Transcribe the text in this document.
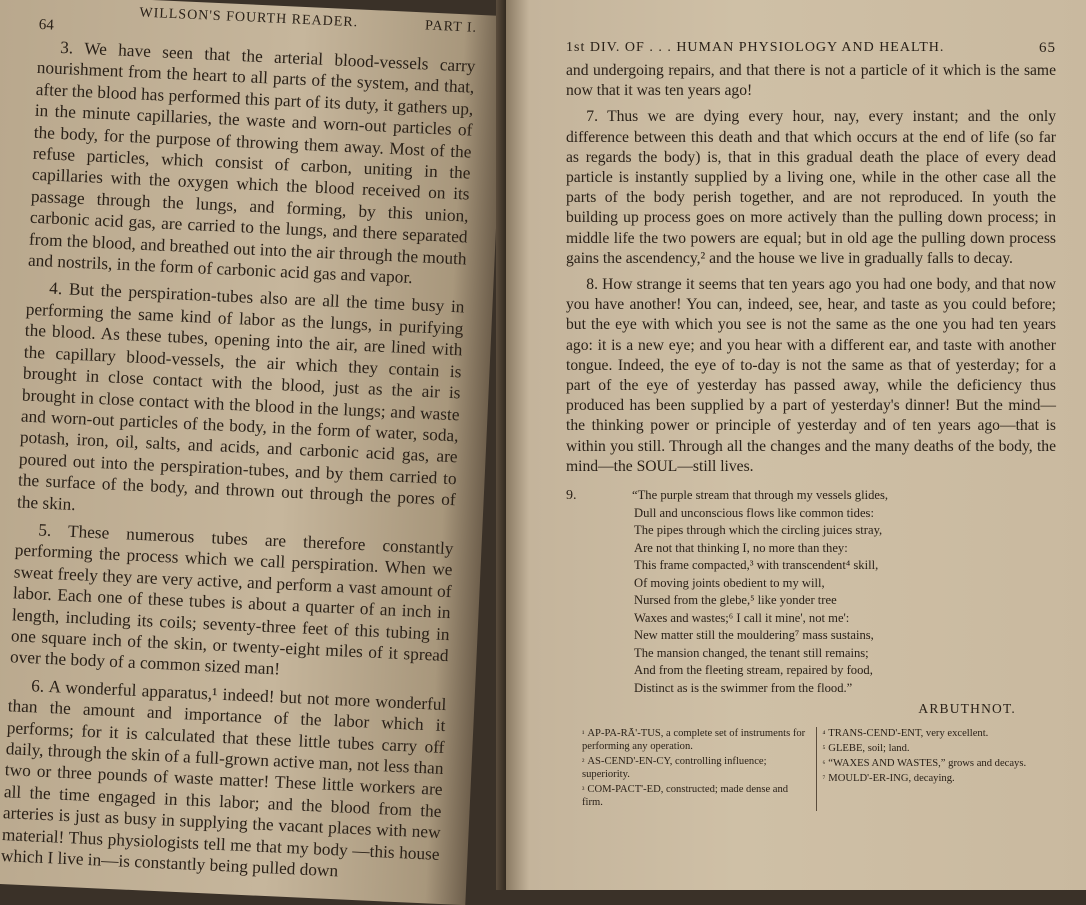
WILLSON'S FOURTH READER.	PART I.
64
3. We have seen that the arterial blood-vessels carry nourishment from the heart to all parts of the system, and that, after the blood has performed this part of its duty, it gathers up, in the minute capillaries, the waste and worn-out particles of the body, for the purpose of throwing them away. Most of the refuse particles, which consist of carbon, uniting in the capillaries with the oxygen which the blood received on its passage through the lungs, and forming, by this union, carbonic acid gas, are carried to the lungs, and there separated from the blood, and breathed out into the air through the mouth and nostrils, in the form of carbonic acid gas and vapor.
4. But the perspiration-tubes also are all the time busy in performing the same kind of labor as the lungs, in purifying the blood. As these tubes, opening into the air, are lined with the capillary blood-vessels, the air which they contain is brought in close contact with the blood, just as the air is brought in close contact with the blood in the lungs; and waste and worn-out particles of the body, in the form of water, soda, potash, iron, oil, salts, and acids, and carbonic acid gas, are poured out into the perspiration-tubes, and by them carried to the surface of the body, and thrown out through the pores of the skin.
5. These numerous tubes are therefore constantly performing the process which we call perspiration. When we sweat freely they are very active, and perform a vast amount of labor. Each one of these tubes is about a quarter of an inch in length, including its coils; seventy-three feet of this tubing in one square inch of the skin, or twenty-eight miles of it spread over the body of a common sized man!
6. A wonderful apparatus,¹ indeed! but not more wonderful than the amount and importance of the labor which it performs; for it is calculated that these little tubes carry off daily, through the skin of a full-grown active man, not less than two or three pounds of waste matter! These little workers are all the time engaged in this labor; and the blood from the arteries is just as busy in supplying the vacant places with new material! Thus physiologists tell me that my body —this house which I live in—is constantly being pulled down
1st DIV. OF . . . HUMAN PHYSIOLOGY AND HEALTH.	65
and undergoing repairs, and that there is not a particle of it which is the same now that it was ten years ago!
7. Thus we are dying every hour, nay, every instant; and the only difference between this death and that which occurs at the end of life (so far as regards the body) is, that in this gradual death the place of every dead particle is instantly supplied by a living one, while in the other case all the parts of the body perish together, and are not reproduced. In youth the building up process goes on more actively than the pulling down process; in middle life the two powers are equal; but in old age the pulling down process gains the ascendency,² and the house we live in gradually falls to decay.
8. How strange it seems that ten years ago you had one body, and that now you have another! You can, indeed, see, hear, and taste as you could before; but the eye with which you see is not the same as the one you had ten years ago: it is a new eye; and you hear with a different ear, and taste with another tongue. Indeed, the eye of to-day is not the same as that of yesterday; for a part of the eye of yesterday has passed away, while the deficiency thus produced has been supplied by a part of yesterday's dinner! But the mind— the thinking power or principle of yesterday and of ten years ago—that is within you still. Through all the changes and the many deaths of the body, the mind—the SOUL—still lives.
9.	“The purple stream that through my vessels glides,
Dull and unconscious flows like common tides:
The pipes through which the circling juices stray,
Are not that thinking I, no more than they:
This frame compacted,³ with transcendent⁴ skill,
Of moving joints obedient to my will,
Nursed from the glebe,⁵ like yonder tree
Waxes and wastes;⁶ I call it mine', not me':
New matter still the mouldering⁷ mass sustains,
The mansion changed, the tenant still remains;
And from the fleeting stream, repaired by food,
Distinct as is the swimmer from the flood.”
ARBUTHNOT.
$^{^1}$ AP-PA-RĀ'-TUS, a complete set of instruments for performing any operation.
$^{^2}$ AS-CEND'-EN-CY, controlling influence; superiority.
$^{^3}$ COM-PACT'-ED, constructed; made dense and firm.
$^{^4}$ TRANS-CEND'-ENT, very excellent.
$^{^5}$ GLEBE, soil; land.
$^{^6}$ “WAXES AND WASTES,” grows and decays.
$^{^7}$ MOULD'-ER-ING, decaying.
